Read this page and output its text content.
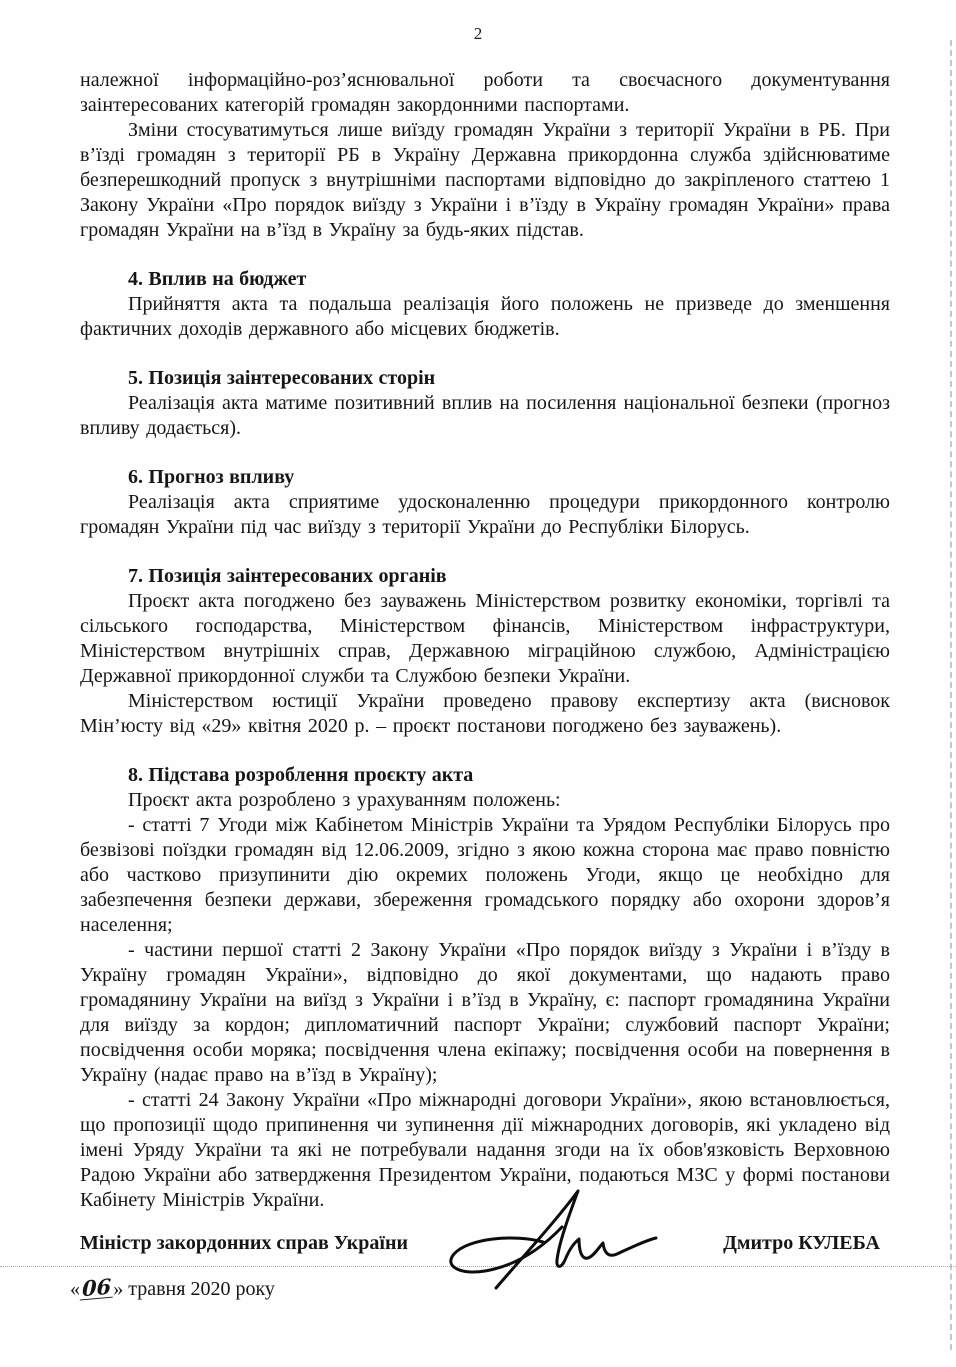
2

належної інформаційно-роз’яснювальної роботи та своєчасного документування заінтересованих категорій громадян закордонними паспортами.

Зміни стосуватимуться лише виїзду громадян України з території України в РБ. При в’їзді громадян з території РБ в Україну Державна прикордонна служба здійснюватиме безперешкодний пропуск з внутрішніми паспортами відповідно до закріпленого статтею 1 Закону України «Про порядок виїзду з України і в’їзду в Україну громадян України» права громадян України на в’їзд в Україну за будь-яких підстав.

4. Вплив на бюджет

Прийняття акта та подальша реалізація його положень не призведе до зменшення фактичних доходів державного або місцевих бюджетів.

5. Позиція заінтересованих сторін

Реалізація акта матиме позитивний вплив на посилення національної безпеки (прогноз впливу додається).

6. Прогноз впливу

Реалізація акта сприятиме удосконаленню процедури прикордонного контролю громадян України під час виїзду з території України до Республіки Білорусь.

7. Позиція заінтересованих органів

Проєкт акта погоджено без зауважень Міністерством розвитку економіки, торгівлі та сільського господарства, Міністерством фінансів, Міністерством інфраструктури, Міністерством внутрішніх справ, Державною міграційною службою, Адміністрацією Державної прикордонної служби та Службою безпеки України.

Міністерством юстиції України проведено правову експертизу акта (висновок Мін’юсту від «29» квітня 2020 р. – проєкт постанови погоджено без зауважень).

8. Підстава розроблення проєкту акта

Проєкт акта розроблено з урахуванням положень:

- статті 7 Угоди між Кабінетом Міністрів України та Урядом Республіки Білорусь про безвізові поїздки громадян від 12.06.2009, згідно з якою кожна сторона має право повністю або частково призупинити дію окремих положень Угоди, якщо це необхідно для забезпечення безпеки держави, збереження громадського порядку або охорони здоров’я населення;

- частини першої статті 2 Закону України «Про порядок виїзду з України і в’їзду в Україну громадян України», відповідно до якої документами, що надають право громадянину України на виїзд з України і в’їзд в Україну, є: паспорт громадянина України для виїзду за кордон; дипломатичний паспорт України; службовий паспорт України; посвідчення особи моряка; посвідчення члена екіпажу; посвідчення особи на повернення в Україну (надає право на в’їзд в Україну);

- статті 24 Закону України «Про міжнародні договори України», якою встановлюється, що пропозиції щодо припинення чи зупинення дії міжнародних договорів, які укладено від імені Уряду України та які не потребували надання згоди на їх обов'язковість Верховною Радою України або затвердження Президентом України, подаються МЗС у формі постанови Кабінету Міністрів України.

Міністр закордонних справ України	Дмитро КУЛЕБА
«06» травня 2020 року
